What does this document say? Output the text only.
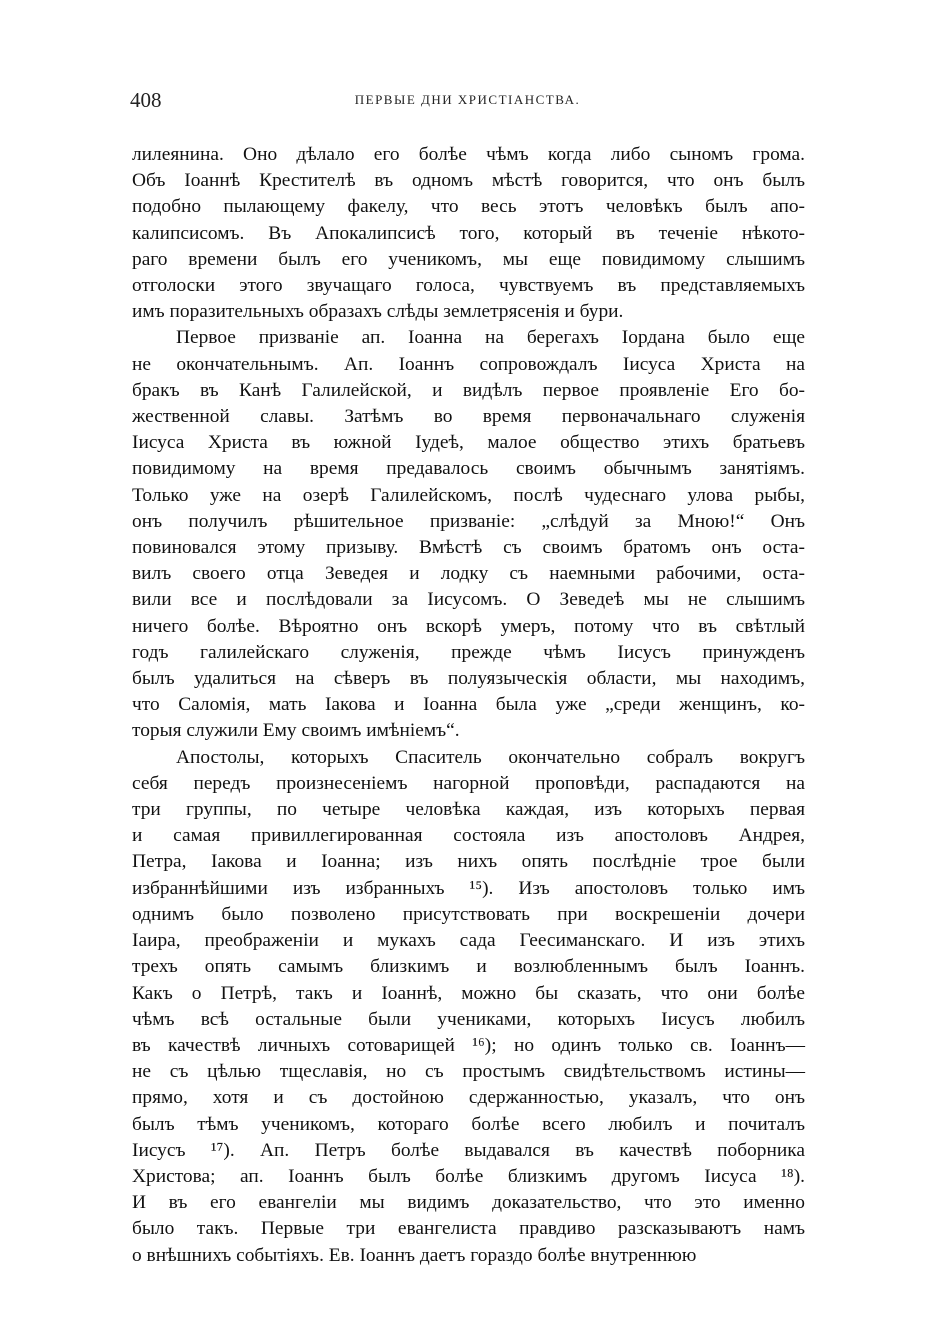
408	ПЕРВЫЕ ДНИ ХРИСТIАНСТВА.
лилеянина. Оно дѣлало его болѣе чѣмъ когда либо сыномъ грома.
Объ Iоаннѣ Крестителѣ въ одномъ мѣстѣ говорится, что онъ былъ
подобно пылающему факелу, что весь этотъ человѣкъ былъ апо-
калипсисомъ. Въ Апокалипсисѣ того, который въ теченiе нѣкото-
раго времени былъ его ученикомъ, мы еще повидимому слышимъ
отголоски этого звучащаго голоса, чувствуемъ въ представляемыхъ
имъ поразительныхъ образахъ слѣды землетрясенiя и бури.
Первое призванiе ап. Iоанна на берегахъ Iордана было еще
не окончательнымъ. Ап. Iоаннъ сопровождалъ Iисуса Христа на
бракъ въ Канѣ Галилейской, и видѣлъ первое проявленiе Его бо-
жественной славы. Затѣмъ во время первоначальнаго служенiя
Iисуса Христа въ южной Iудеѣ, малое общество этихъ братьевъ
повидимому на время предавалось своимъ обычнымъ занятiямъ.
Только уже на озерѣ Галилейскомъ, послѣ чудеснаго улова рыбы,
онъ получилъ рѣшительное призванiе: „слѣдуй за Мною!“ Онъ
повиновался этому призыву. Вмѣстѣ съ своимъ братомъ онъ оста-
вилъ своего отца Зеведея и лодку съ наемными рабочими, оста-
вили все и послѣдовали за Iисусомъ. О Зеведеѣ мы не слышимъ
ничего болѣе. Вѣроятно онъ вскорѣ умеръ, потому что въ свѣтлый
годъ галилейскаго служенiя, прежде чѣмъ Iисусъ принужденъ
былъ удалиться на сѣверъ въ полуязыческiя области, мы находимъ,
что Саломiя, мать Iакова и Iоанна была уже „среди женщинъ, ко-
торыя служили Ему своимъ имѣнiемъ“.
Апостолы, которыхъ Спаситель окончательно собралъ вокругъ
себя передъ произнесенiемъ нагорной проповѣди, распадаются на
три группы, по четыре человѣка каждая, изъ которыхъ первая
и самая привиллегированная состояла изъ апостоловъ Андрея,
Петра, Iакова и Iоанна; изъ нихъ опять послѣднiе трое были
избраннѣйшими изъ избранныхъ ¹⁵). Изъ апостоловъ только имъ
однимъ было позволено присутствовать при воскрешенiи дочери
Iаира, преображенiи и мукахъ сада Геесиманскаго. И изъ этихъ
трехъ опять самымъ близкимъ и возлюбленнымъ былъ Iоаннъ.
Какъ о Петрѣ, такъ и Iоаннѣ, можно бы сказать, что они болѣе
чѣмъ всѣ остальные были учениками, которыхъ Iисусъ любилъ
въ качествѣ личныхъ сотоварищей ¹⁶); но одинъ только св. Iоаннъ—
не съ цѣлью тщеславiя, но съ простымъ свидѣтельствомъ истины—
прямо, хотя и съ достойною сдержанностью, указалъ, что онъ
былъ тѣмъ ученикомъ, котораго болѣе всего любилъ и почиталъ
Iисусъ ¹⁷). Ап. Петръ болѣе выдавался въ качествѣ поборника
Христова; ап. Iоаннъ былъ болѣе близкимъ другомъ Iисуса ¹⁸).
И въ его евангелiи мы видимъ доказательство, что это именно
было такъ. Первые три евангелиста правдиво разсказываютъ намъ
о внѣшнихъ событiяхъ. Ев. Iоаннъ даетъ гораздо болѣе внутреннюю
